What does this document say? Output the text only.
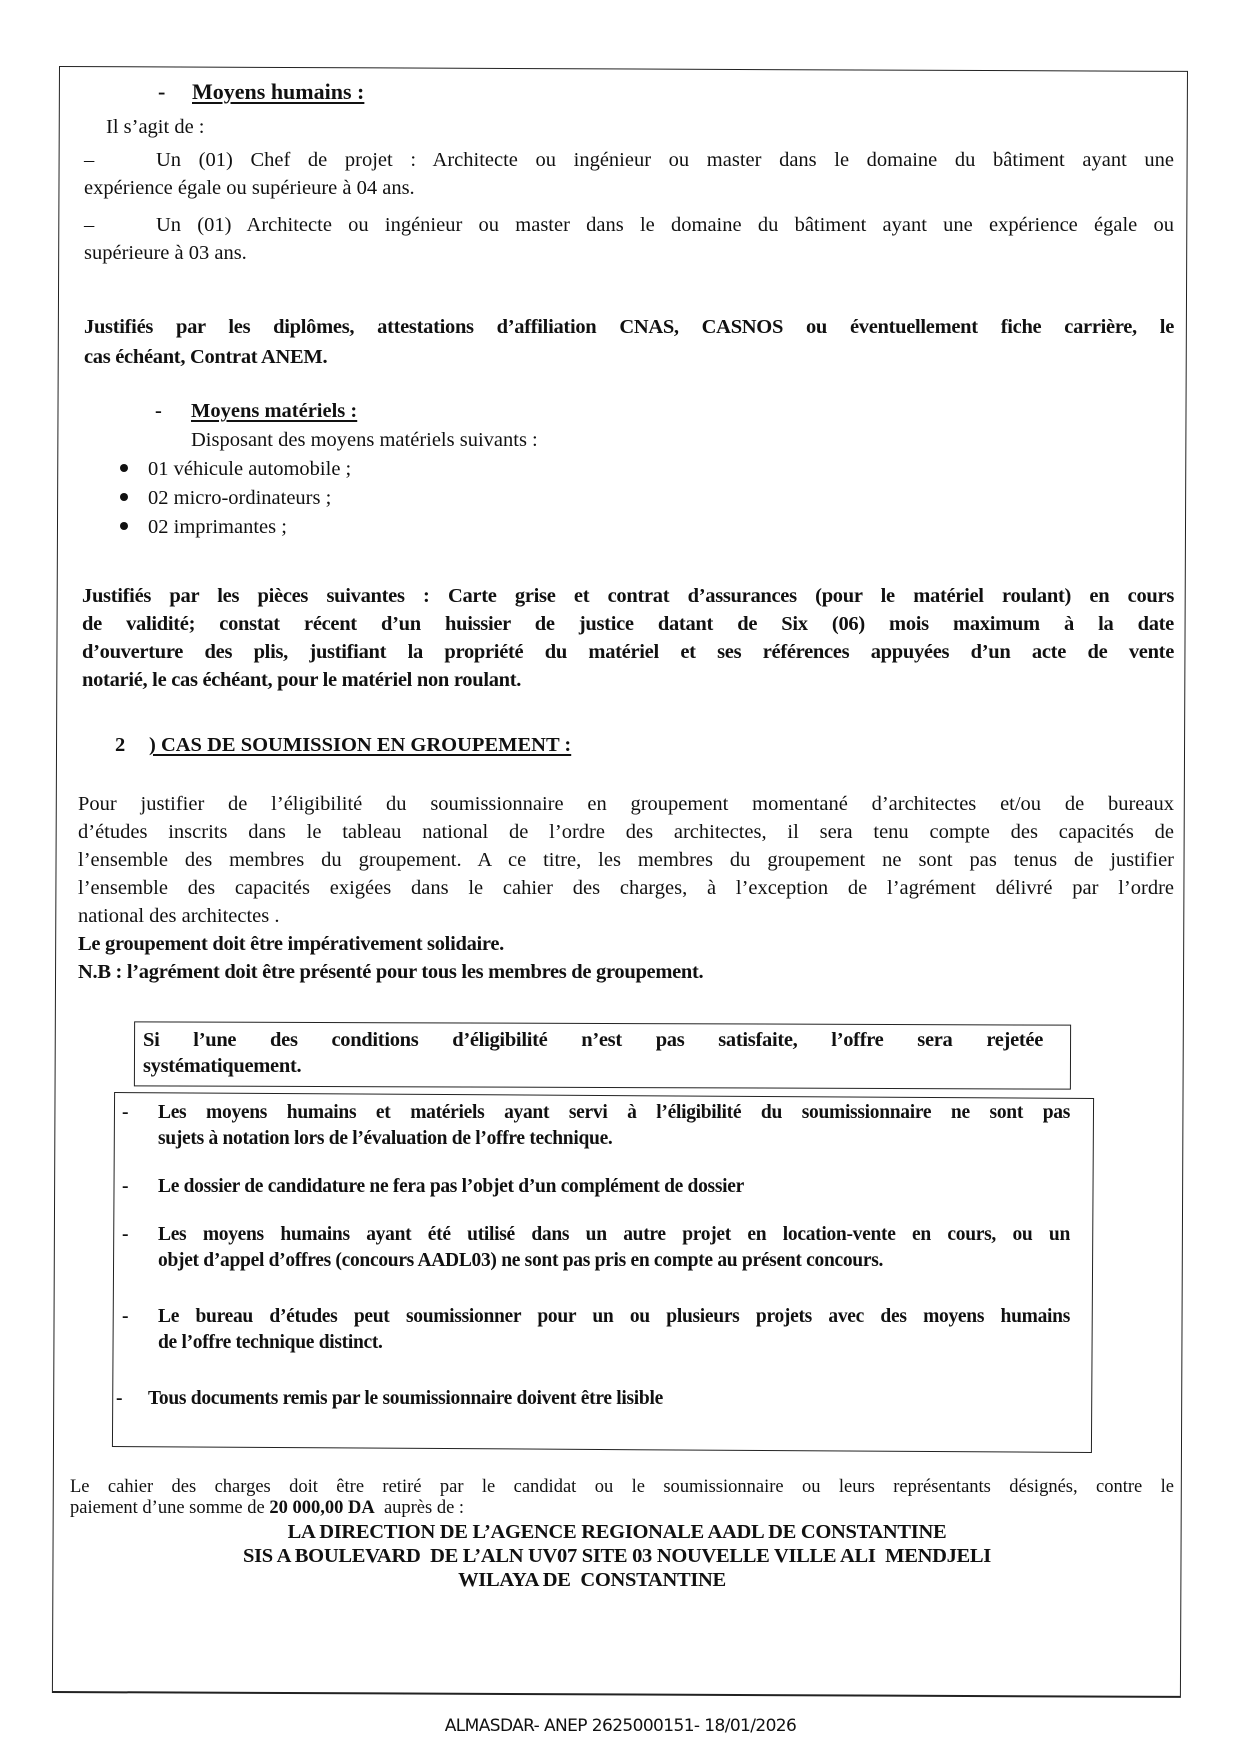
- Moyens humains :
Il s’agit de :
–	Un (01) Chef de projet : Architecte ou ingénieur ou master dans le domaine du bâtiment ayant une
expérience égale ou supérieure à 04 ans.
–	Un (01) Architecte ou ingénieur ou master dans le domaine du bâtiment ayant une expérience égale ou
supérieure à 03 ans.
Justifiés par les diplômes, attestations d’affiliation CNAS, CASNOS ou éventuellement fiche carrière, le
cas échéant, Contrat ANEM.
- Moyens matériels :
Disposant des moyens matériels suivants :
01 véhicule automobile ;
02 micro-ordinateurs ;
02 imprimantes ;
Justifiés par les pièces suivantes : Carte grise et contrat d’assurances (pour le matériel roulant) en cours
de validité; constat récent d’un huissier de justice datant de Six (06) mois maximum à la date
d’ouverture des plis, justifiant la propriété du matériel et ses références appuyées d’un acte de vente
notarié, le cas échéant, pour le matériel non roulant.
2 ) CAS DE SOUMISSION EN GROUPEMENT :
Pour justifier de l’éligibilité du soumissionnaire en groupement momentané d’architectes et/ou de bureaux
d’études inscrits dans le tableau national de l’ordre des architectes, il sera tenu compte des capacités de
l’ensemble des membres du groupement. A ce titre, les membres du groupement ne sont pas tenus de justifier
l’ensemble des capacités exigées dans le cahier des charges, à l’exception de l’agrément délivré par l’ordre
national des architectes .
Le groupement doit être impérativement solidaire.
N.B : l’agrément doit être présenté pour tous les membres de groupement.
Si l’une des conditions d’éligibilité n’est pas satisfaite, l’offre sera rejetée
systématiquement.
-	Les moyens humains et matériels ayant servi à l’éligibilité du soumissionnaire ne sont pas
sujets à notation lors de l’évaluation de l’offre technique.
-	Le dossier de candidature ne fera pas l’objet d’un complément de dossier
-	Les moyens humains ayant été utilisé dans un autre projet en location-vente en cours, ou un
objet d’appel d’offres (concours AADL03) ne sont pas pris en compte au présent concours.
-	Le bureau d’études peut soumissionner pour un ou plusieurs projets avec des moyens humains
de l’offre technique distinct.
-	Tous documents remis par le soumissionnaire doivent être lisible
Le cahier des charges doit être retiré par le candidat ou le soumissionnaire ou leurs représentants désignés, contre le
paiement d’une somme de 20 000,00 DA  auprès de :
LA DIRECTION DE L’AGENCE REGIONALE AADL DE CONSTANTINE
SIS A BOULEVARD  DE L’ALN UV07 SITE 03 NOUVELLE VILLE ALI  MENDJELI
WILAYA DE  CONSTANTINE
ALMASDAR- ANEP 2625000151- 18/01/2026
